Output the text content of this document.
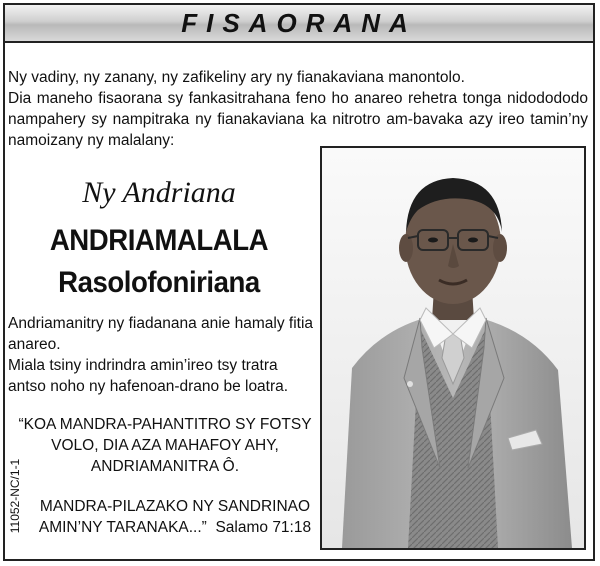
FISAORANA

Ny vadiny, ny zanany, ny zafikeliny ary ny fianakaviana manontolo.

Dia maneho fisaorana sy fankasitrahana feno ho anareo rehetra tonga nidodododo nampahery sy nampitraka ny fianakaviana ka nitrotro am-bavaka azy ireo tamin’ny namoizany ny malalany:

Ny Andriana
ANDRIAMALALA
Rasolofoniriana

Andriamanitry ny fiadanana anie hamaly fitia anareo.

Miala tsiny indrindra amin’ireo tsy tratra antso noho ny hafenoan-drano be loatra.

“KOA MANDRA-PAHANTITRO SY FOTSY

VOLO, DIA AZA MAHAFOY AHY,

ANDRIAMANITRA Ô.

MANDRA-PILAZAKO NY SANDRINAO

AMIN’NY TARANAKA...” Salamo 71:18

11052-NC/1-1
